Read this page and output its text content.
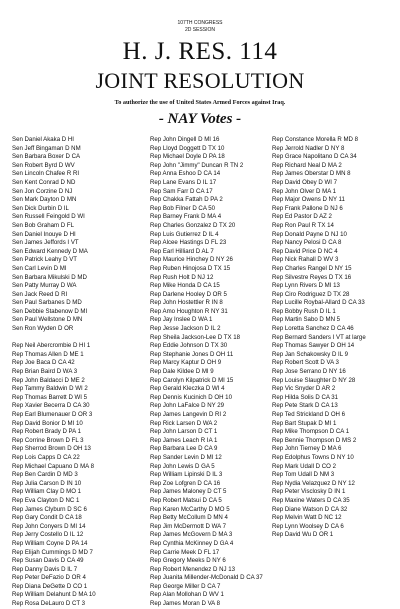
107TH CONGRESS
2D SESSION
H. J. RES. 114
JOINT RESOLUTION
To authorize the use of United States Armed Forces against Iraq.
- NAY Votes -
Sen Daniel Akaka D HI
Sen Jeff Bingaman D NM
Sen Barbara Boxer D CA
Sen Robert Byrd D WV
Sen Lincoln Chafee R RI
Sen Kent Conrad D ND
Sen Jon Corzine D NJ
Sen Mark Dayton D MN
Sen Dick Durbin D IL
Sen Russell Feingold D WI
Sen Bob Graham D FL
Sen Daniel Inouye D HI
Sen James Jeffords I VT
Sen Edward Kennedy D MA
Sen Patrick Leahy D VT
Sen Carl Levin D MI
Sen Barbara Mikulski D MD
Sen Patty Murray D WA
Sen Jack Reed D RI
Sen Paul Sarbanes D MD
Sen Debbie Stabenow D MI
Sen Paul Wellstone D MN
Sen Ron Wyden D OR
Rep Neil Abercrombie D HI 1
Rep Thomas Allen D ME 1
Rep Joe Baca D CA 42
Rep Brian Baird D WA 3
Rep John Baldacci D ME 2
Rep Tammy Baldwin D WI 2
Rep Thomas Barrett D WI 5
Rep Xavier Becerra D CA 30
Rep Earl Blumenauer D OR 3
Rep David Bonior D MI 10
Rep Robert Brady D PA 1
Rep Corrine Brown D FL 3
Rep Sherrod Brown D OH 13
Rep Lois Capps D CA 22
Rep Michael Capuano D MA 8
Rep Ben Cardin D MD 3
Rep Julia Carson D IN 10
Rep William Clay D MO 1
Rep Eva Clayton D NC 1
Rep James Clyburn D SC 6
Rep Gary Condit D CA 18
Rep John Conyers D MI 14
Rep Jerry Costello D IL 12
Rep William Coyne D PA 14
Rep Elijah Cummings D MD 7
Rep Susan Davis D CA 49
Rep Danny Davis D IL 7
Rep Peter DeFazio D OR 4
Rep Diana DeGette D CO 1
Rep William Delahunt D MA 10
Rep Rosa DeLauro D CT 3
Rep John Dingell D MI 16
Rep Lloyd Doggett D TX 10
Rep Michael Doyle D PA 18
Rep John "Jimmy" Duncan R TN 2
Rep Anna Eshoo D CA 14
Rep Lane Evans D IL 17
Rep Sam Farr D CA 17
Rep Chakka Fattah D PA 2
Rep Bob Filner D CA 50
Rep Barney Frank D MA 4
Rep Charles Gonzalez D TX 20
Rep Luis Gutierrez D IL 4
Rep Alcee Hastings D FL 23
Rep Earl Hilliard D AL 7
Rep Maurice Hinchey D NY 26
Rep Ruben Hinojosa D TX 15
Rep Rush Holt D NJ 12
Rep Mike Honda D CA 15
Rep Darlene Hooley D OR 5
Rep John Hostettler R IN 8
Rep Amo Houghton R NY 31
Rep Jay Inslee D WA 1
Rep Jesse Jackson D IL 2
Rep Sheila Jackson-Lee D TX 18
Rep Eddie Johnson D TX 30
Rep Stephanie Jones D OH 11
Rep Marcy Kaptur D OH 9
Rep Dale Kildee D MI 9
Rep Carolyn Kilpatrick D MI 15
Rep Gerald Kleczka D WI 4
Rep Dennis Kucinich D OH 10
Rep John LaFalce D NY 29
Rep James Langevin D RI 2
Rep Rick Larsen D WA 2
Rep John Larson D CT 1
Rep James Leach R IA 1
Rep Barbara Lee D CA 9
Rep Sander Levin D MI 12
Rep John Lewis D GA 5
Rep William Lipinski D IL 3
Rep Zoe Lofgren D CA 16
Rep James Maloney D CT 5
Rep Robert Matsui D CA 5
Rep Karen McCarthy D MO 5
Rep Betty McCollum D MN 4
Rep Jim McDermott D WA 7
Rep James McGovern D MA 3
Rep Cynthia McKinney D GA 4
Rep Carrie Meek D FL 17
Rep Gregory Meeks D NY 6
Rep Robert Menendez D NJ 13
Rep Juanita Millender-McDonald D CA 37
Rep George Miller D CA 7
Rep Alan Mollohan D WV 1
Rep James Moran D VA 8
Rep Constance Morella R MD 8
Rep Jerrold Nadler D NY 8
Rep Grace Napolitano D CA 34
Rep Richard Neal D MA 2
Rep James Oberstar D MN 8
Rep David Obey D WI 7
Rep John Olver D MA 1
Rep Major Owens D NY 11
Rep Frank Pallone D NJ 6
Rep Ed Pastor D AZ 2
Rep Ron Paul R TX 14
Rep Donald Payne D NJ 10
Rep Nancy Pelosi D CA 8
Rep David Price D NC 4
Rep Nick Rahall D WV 3
Rep Charles Rangel D NY 15
Rep Silvestre Reyes D TX 16
Rep Lynn Rivers D MI 13
Rep Ciro Rodriguez D TX 28
Rep Lucille Roybal-Allard D CA 33
Rep Bobby Rush D IL 1
Rep Martin Sabo D MN 5
Rep Loretta Sanchez D CA 46
Rep Bernard Sanders I VT at large
Rep Thomas Sawyer D OH 14
Rep Jan Schakowsky D IL 9
Rep Robert Scott D VA 3
Rep Jose Serrano D NY 16
Rep Louise Slaughter D NY 28
Rep Vic Snyder D AR 2
Rep Hilda Solis D CA 31
Rep Pete Stark D CA 13
Rep Ted Strickland D OH 6
Rep Bart Stupak D MI 1
Rep Mike Thompson D CA 1
Rep Bennie Thompson D MS 2
Rep John Tierney D MA 6
Rep Edolphus Towns D NY 10
Rep Mark Udall D CO 2
Rep Tom Udall D NM 3
Rep Nydia Velazquez D NY 12
Rep Peter Visclosky D IN 1
Rep Maxine Waters D CA 35
Rep Diane Watson D CA 32
Rep Melvin Watt D NC 12
Rep Lynn Woolsey D CA 6
Rep David Wu D OR 1
